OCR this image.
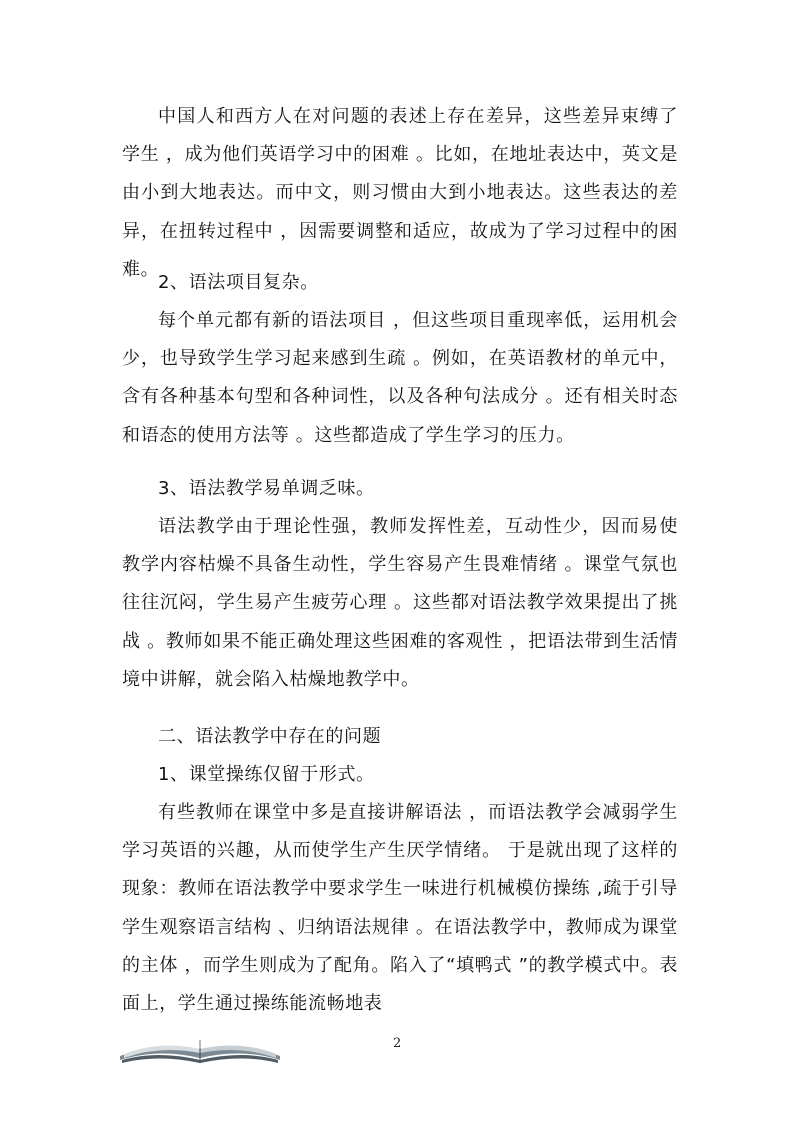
中国人和西方人在对问题的表述上存在差异，这些差异束缚了学生 ，成为他们英语学习中的困难 。比如，在地址表达中，英文是由小到大地表达。而中文，则习惯由大到小地表达。这些表达的差异，在扭转过程中 ，因需要调整和适应，故成为了学习过程中的困难。

2、语法项目复杂。

每个单元都有新的语法项目 ，但这些项目重现率低，运用机会少，也导致学生学习起来感到生疏 。例如，在英语教材的单元中，含有各种基本句型和各种词性，以及各种句法成分 。还有相关时态和语态的使用方法等 。这些都造成了学生学习的压力。

3、语法教学易单调乏味。

语法教学由于理论性强，教师发挥性差，互动性少，因而易使教学内容枯燥不具备生动性，学生容易产生畏难情绪 。课堂气氛也往往沉闷，学生易产生疲劳心理 。这些都对语法教学效果提出了挑战 。教师如果不能正确处理这些困难的客观性 ，把语法带到生活情境中讲解，就会陷入枯燥地教学中。

二、语法教学中存在的问题

1、课堂操练仅留于形式。

有些教师在课堂中多是直接讲解语法 ，而语法教学会减弱学生学习英语的兴趣，从而使学生产生厌学情绪。 于是就出现了这样的现象：教师在语法教学中要求学生一味进行机械模仿操练 ,疏于引导学生观察语言结构 、归纳语法规律 。在语法教学中，教师成为课堂的主体 ，而学生则成为了配角。陷入了“填鸭式 ”的教学模式中。表面上，学生通过操练能流畅地表

2
